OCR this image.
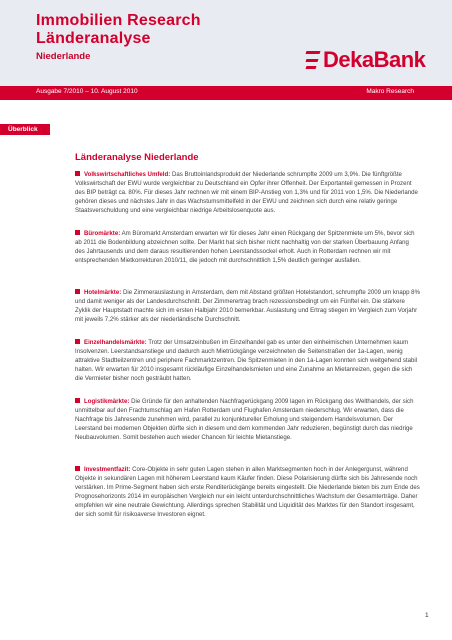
Immobilien Research
Länderanalyse
Niederlande	DekaBank
Ausgabe 7/2010 – 10. August 2010	Makro Research
Überblick
Länderanalyse Niederlande
Volkswirtschaftliches Umfeld: Das Bruttoinlandsprodukt der Niederlande schrumpfte 2009 um 3,9%. Die fünftgrößte Volkswirtschaft der EWU wurde vergleichbar zu Deutschland ein Opfer ihrer Offenheit. Der Exportanteil gemessen in Prozent des BIP beträgt ca. 80%. Für dieses Jahr rechnen wir mit einem BIP-Anstieg von 1,3% und für 2011 von 1,5%. Die Niederlande gehören dieses und nächstes Jahr in das Wachstumsmittelfeld in der EWU und zeichnen sich durch eine relativ geringe Staatsverschuldung und eine vergleichbar niedrige Arbeitslosenquote aus.
Büromärkte: Am Büromarkt Amsterdam erwarten wir für dieses Jahr einen Rückgang der Spitzenmiete um 5%, bevor sich ab 2011 die Bodenbildung abzeichnen sollte. Der Markt hat sich bisher nicht nachhaltig von der starken Überbauung Anfang des Jahrtausends und dem daraus resultierenden hohen Leerstandssockel erholt. Auch in Rotterdam rechnen wir mit entsprechenden Mietkorrekturen 2010/11, die jedoch mit durchschnittlich 1,5% deutlich geringer ausfallen.
Hotelmärkte: Die Zimmerauslastung in Amsterdam, dem mit Abstand größten Hotelstandort, schrumpfte 2009 um knapp 8% und damit weniger als der Landesdurchschnitt. Der Zimmerertrag brach rezessionsbedingt um ein Fünftel ein. Die stärkere Zyklik der Hauptstadt machte sich im ersten Halbjahr 2010 bemerkbar. Auslastung und Ertrag stiegen im Vergleich zum Vorjahr mit jeweils 7,2% stärker als der niederländische Durchschnitt.
Einzelhandelsmärkte: Trotz der Umsatzeinbußen im Einzelhandel gab es unter den einheimischen Unternehmen kaum Insolvenzen. Leerstandsanstiege und dadurch auch Mietrückgänge verzeichneten die Seitenstraßen der 1a-Lagen, wenig attraktive Stadtteilzentren und periphere Fachmarktzentren. Die Spitzenmieten in den 1a-Lagen konnten sich weitgehend stabil halten. Wir erwarten für 2010 insgesamt rückläufige Einzelhandelsmieten und eine Zunahme an Mietanreizen, gegen die sich die Vermieter bisher noch gesträubt hatten.
Logistikmärkte: Die Gründe für den anhaltenden Nachfragerückgang 2009 lagen im Rückgang des Welthandels, der sich unmittelbar auf den Frachtumschlag am Hafen Rotterdam und Flughafen Amsterdam niederschlug. Wir erwarten, dass die Nachfrage bis Jahresende zunehmen wird, parallel zu konjunktureller Erholung und steigendem Handelsvolumen. Der Leerstand bei modernen Objekten dürfte sich in diesem und dem kommenden Jahr reduzieren, begünstigt durch das niedrige Neubauvolumen. Somit bestehen auch wieder Chancen für leichte Mietanstiege.
Investmentfazit: Core-Objekte in sehr guten Lagen stehen in allen Marktsegmenten hoch in der Anlegergunst, während Objekte in sekundären Lagen mit höherem Leerstand kaum Käufer finden. Diese Polarisierung dürfte sich bis Jahresende noch verstärken. Im Prime-Segment haben sich erste Renditerückgänge bereits eingestellt. Die Niederlande bieten bis zum Ende des Prognosehorizonts 2014 im europäischen Vergleich nur ein leicht unterdurchschnittliches Wachstum der Gesamterträge. Daher empfehlen wir eine neutrale Gewichtung. Allerdings sprechen Stabilität und Liquidität des Marktes für den Standort insgesamt, der sich somit für risikoaverse Investoren eignet.
1
